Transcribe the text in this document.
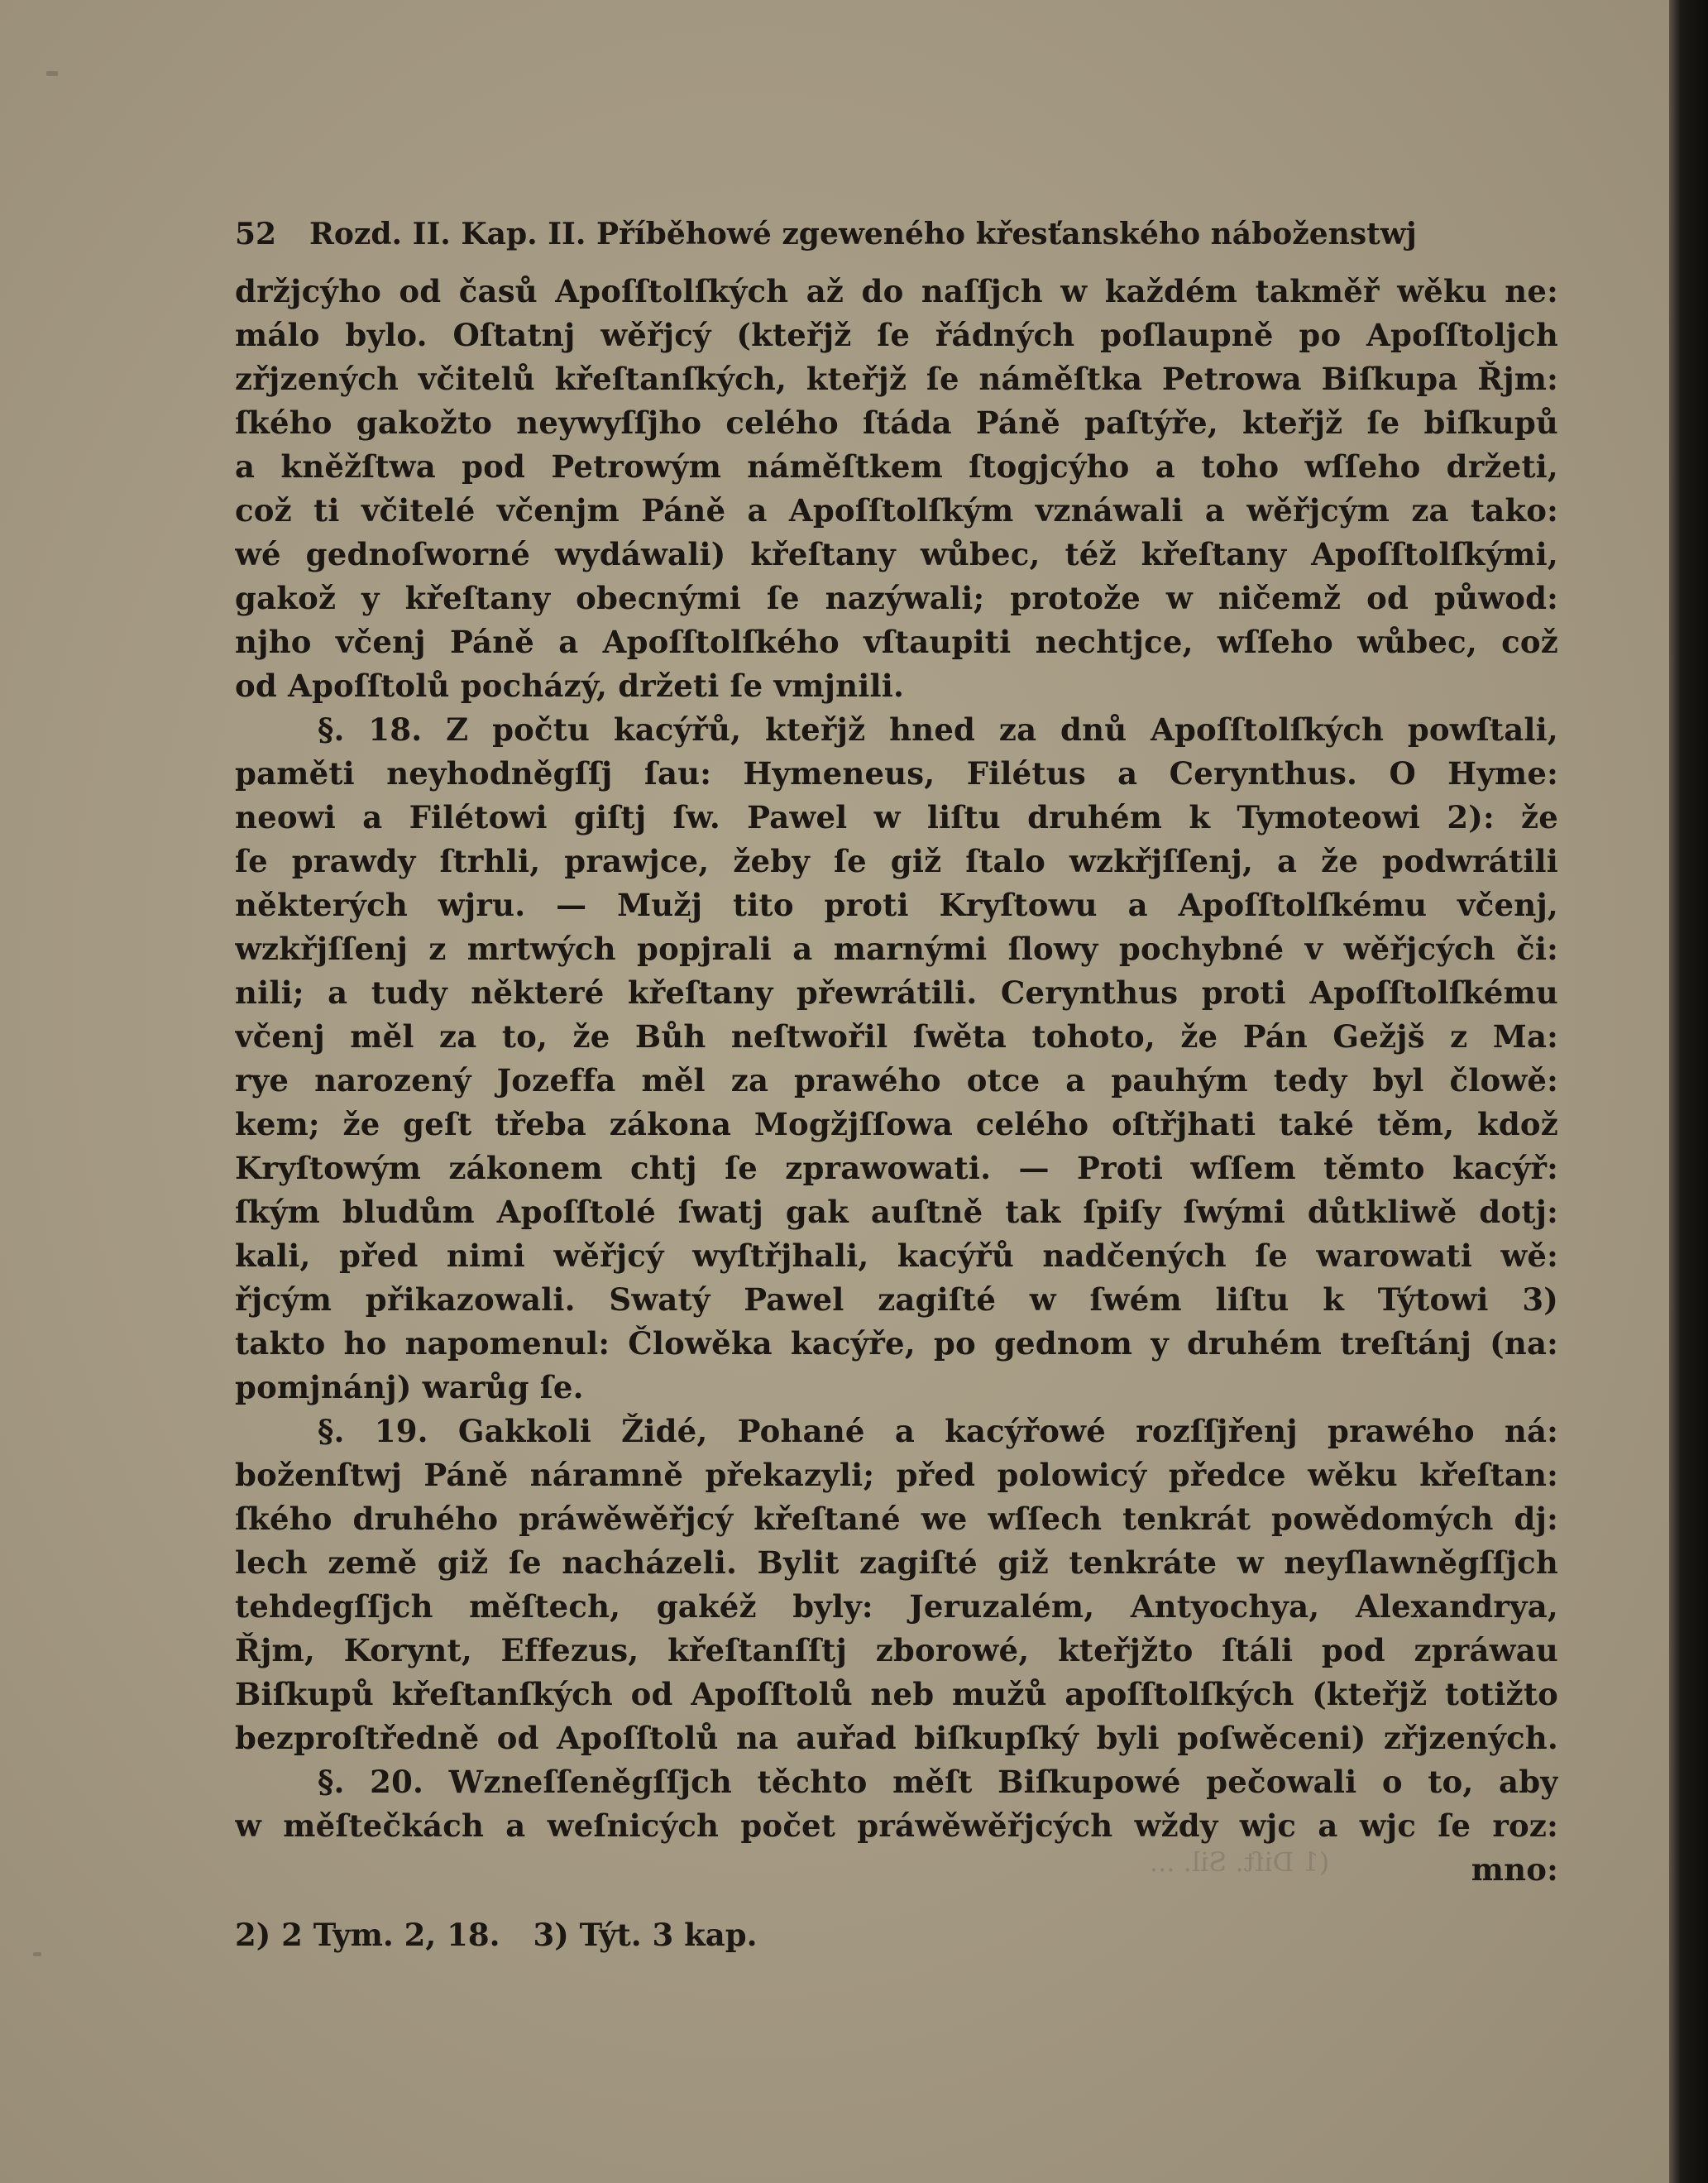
52	Rozd. II. Kap. II. Příběhowé zgeweného křesťanského náboženstwj
držjcýho od časů Apoſſtolſkých až do naſſjch w každém takměř wěku ne:
málo bylo. Oſtatnj wěřjcý (kteřjž ſe řádných poſlaupně po Apoſſtoljch
zřjzených včitelů křeſtanſkých, kteřjž ſe náměſtka Petrowa Biſkupa Řjm:
ſkého gakožto neywyſſjho celého ſtáda Páně paſtýře, kteřjž ſe biſkupů
a kněžſtwa pod Petrowým náměſtkem ſtogjcýho a toho wſſeho držeti,
což ti včitelé včenjm Páně a Apoſſtolſkým vznáwali a wěřjcým za tako:
wé gednoſworné wydáwali) křeſtany wůbec, též křeſtany Apoſſtolſkými,
gakož y křeſtany obecnými ſe nazýwali; protože w ničemž od půwod:
njho včenj Páně a Apoſſtolſkého vſtaupiti nechtjce, wſſeho wůbec, což
od Apoſſtolů pocházý, držeti ſe vmjnili.
§. 18. Z počtu kacýřů, kteřjž hned za dnů Apoſſtolſkých powſtali,
paměti neyhodněgſſj ſau: Hymeneus, Filétus a Cerynthus. O Hyme:
neowi a Filétowi giſtj ſw. Pawel w liſtu druhém k Tymoteowi 2): že
ſe prawdy ſtrhli, prawjce, žeby ſe giž ſtalo wzkřjſſenj, a že podwrátili
některých wjru. — Mužj tito proti Kryſtowu a Apoſſtolſkému včenj,
wzkřjſſenj z mrtwých popjrali a marnými ſlowy pochybné v wěřjcých či:
nili; a tudy některé křeſtany přewrátili. Cerynthus proti Apoſſtolſkému
včenj měl za to, že Bůh neſtwořil ſwěta tohoto, že Pán Gežjš z Ma:
rye narozený Jozeffa měl za prawého otce a pauhým tedy byl člowě:
kem; že geſt třeba zákona Mogžjſſowa celého oſtřjhati také těm, kdož
Kryſtowým zákonem chtj ſe zprawowati. — Proti wſſem těmto kacýř:
ſkým bludům Apoſſtolé ſwatj gak auſtně tak ſpiſy ſwými důtkliwě dotj:
kali, před nimi wěřjcý wyſtřjhali, kacýřů nadčených ſe warowati wě:
řjcým přikazowali. Swatý Pawel zagiſté w ſwém liſtu k Týtowi 3)
takto ho napomenul: Člowěka kacýře, po gednom y druhém treſtánj (na:
pomjnánj) warůg ſe.
§. 19. Gakkoli Židé, Pohané a kacýřowé rozſſjřenj prawého ná:
boženſtwj Páně náramně překazyli; před polowicý předce wěku křeſtan:
ſkého druhého práwěwěřjcý křeſtané we wſſech tenkrát powědomých dj:
lech země giž ſe nacházeli. Bylit zagiſté giž tenkráte w neyſlawněgſſjch
tehdegſſjch měſtech, gakéž byly: Jeruzalém, Antyochya, Alexandrya,
Řjm, Korynt, Effezus, křeſtanſſtj zborowé, kteřjžto ſtáli pod zpráwau
Biſkupů křeſtanſkých od Apoſſtolů neb mužů apoſſtolſkých (kteřjž totižto
bezproſtředně od Apoſſtolů na auřad biſkupſký byli poſwěceni) zřjzených.
§. 20. Wzneſſeněgſſjch těchto měſt Biſkupowé pečowali o to, aby
w měſtečkách a weſnicých počet práwěwěřjcých wždy wjc a wjc ſe roz:
mno:
2) 2 Tym. 2, 18. 3) Týt. 3 kap.
(1 Diſt. Sil. ...
